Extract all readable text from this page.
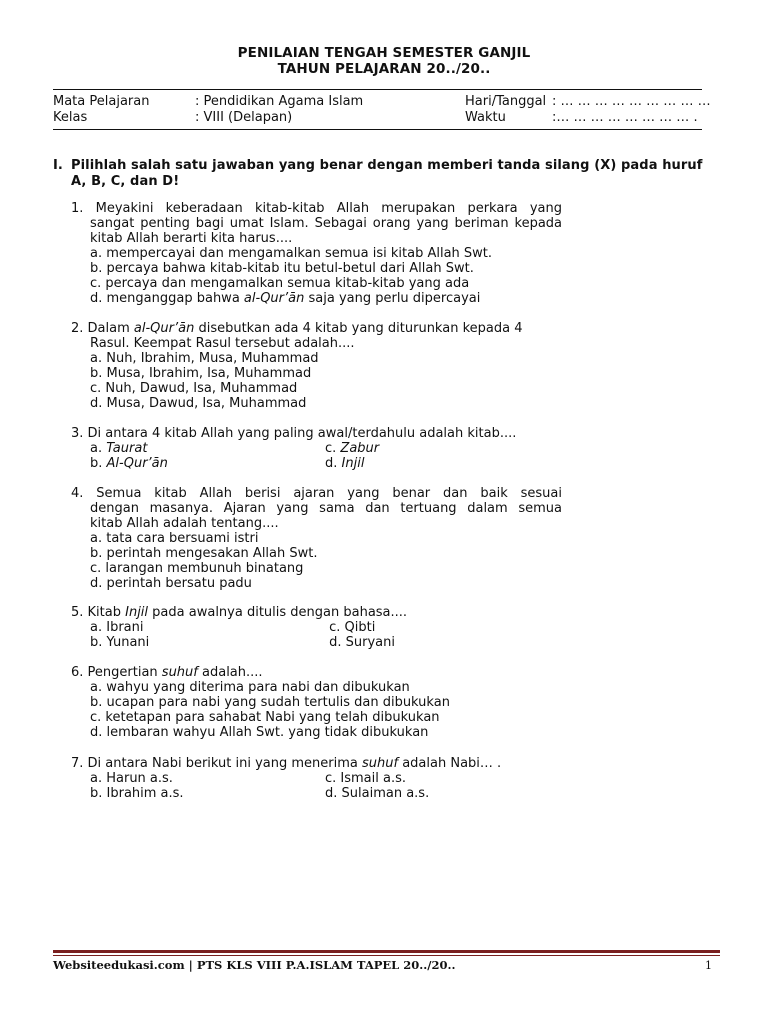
PENILAIAN TENGAH SEMESTER GANJIL
TAHUN PELAJARAN 20../20..
Mata Pelajaran	: Pendidikan Agama Islam	Hari/Tanggal : … … … … … … … … …
Kelas	: VIII (Delapan)	Waktu	:… … … … … … … … .
I. Pilihlah salah satu jawaban yang benar dengan memberi tanda silang (X) pada huruf A, B, C, dan D!
1. Meyakini keberadaan kitab-kitab Allah merupakan perkara yang
sangat penting bagi umat Islam. Sebagai orang yang beriman kepada
kitab Allah berarti kita harus....
a. mempercayai dan mengamalkan semua isi kitab Allah Swt.
b. percaya bahwa kitab-kitab itu betul-betul dari Allah Swt.
c. percaya dan mengamalkan semua kitab-kitab yang ada
d. menganggap bahwa al-Qur’ān saja yang perlu dipercayai
2. Dalam al-Qur’ān disebutkan ada 4 kitab yang diturunkan kepada 4
Rasul. Keempat Rasul tersebut adalah....
a. Nuh, Ibrahim, Musa, Muhammad
b. Musa, Ibrahim, Isa, Muhammad
c. Nuh, Dawud, Isa, Muhammad
d. Musa, Dawud, Isa, Muhammad
3. Di antara 4 kitab Allah yang paling awal/terdahulu adalah kitab....
a. Taurat	c. Zabur
b. Al-Qur’ān	d. Injil
4. Semua kitab Allah berisi ajaran yang benar dan baik sesuai
dengan masanya. Ajaran yang sama dan tertuang dalam semua
kitab Allah adalah tentang....
a. tata cara bersuami istri
b. perintah mengesakan Allah Swt.
c. larangan membunuh binatang
d. perintah bersatu padu
5. Kitab Injil pada awalnya ditulis dengan bahasa....
a. Ibrani	c. Qibti
b. Yunani	d. Suryani
6. Pengertian suhuf adalah....
a. wahyu yang diterima para nabi dan dibukukan
b. ucapan para nabi yang sudah tertulis dan dibukukan
c. ketetapan para sahabat Nabi yang telah dibukukan
d. lembaran wahyu Allah Swt. yang tidak dibukukan
7. Di antara Nabi berikut ini yang menerima suhuf adalah Nabi… .
a. Harun a.s.	c. Ismail a.s.
b. Ibrahim a.s.	d. Sulaiman a.s.
Websiteedukasi.com | PTS KLS VIII P.A.ISLAM TAPEL 20../20..	1
